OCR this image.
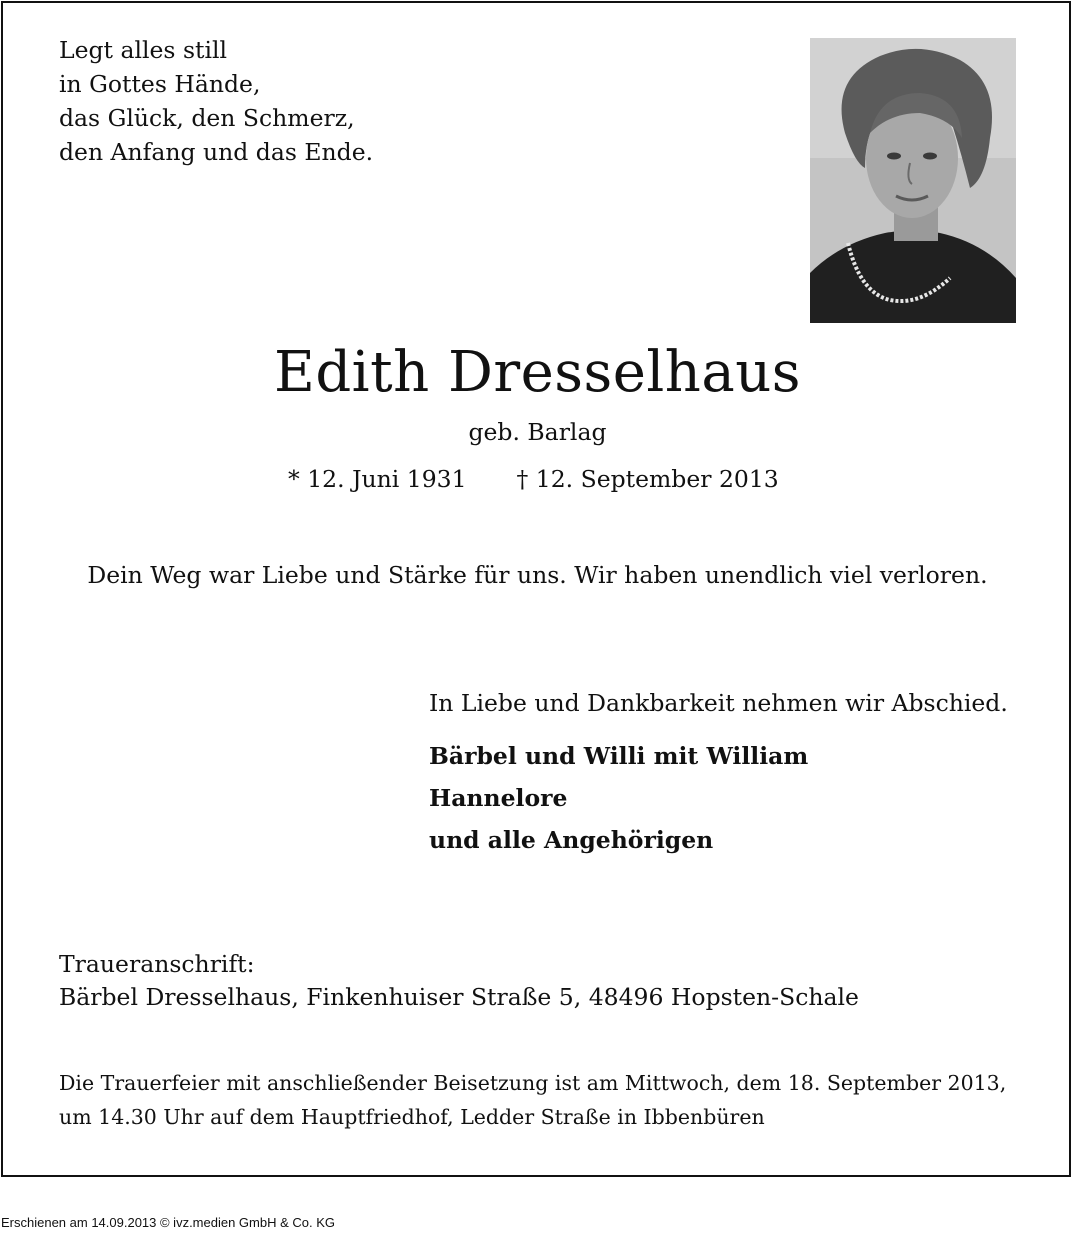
Legt alles still
in Gottes Hände,
das Glück, den Schmerz,
den Anfang und das Ende.
Edith Dresselhaus
geb. Barlag
* 12. Juni 1931 † 12. September 2013
Dein Weg war Liebe und Stärke für uns. Wir haben unendlich viel verloren.
In Liebe und Dankbarkeit nehmen wir Abschied.
Bärbel und Willi mit William
Hannelore
und alle Angehörigen
Traueranschrift:
Bärbel Dresselhaus, Finkenhuiser Straße 5, 48496 Hopsten-Schale
Die Trauerfeier mit anschließender Beisetzung ist am Mittwoch, dem 18. September 2013,
um 14.30 Uhr auf dem Hauptfriedhof, Ledder Straße in Ibbenbüren
Erschienen am 14.09.2013 © ivz.medien GmbH & Co. KG
